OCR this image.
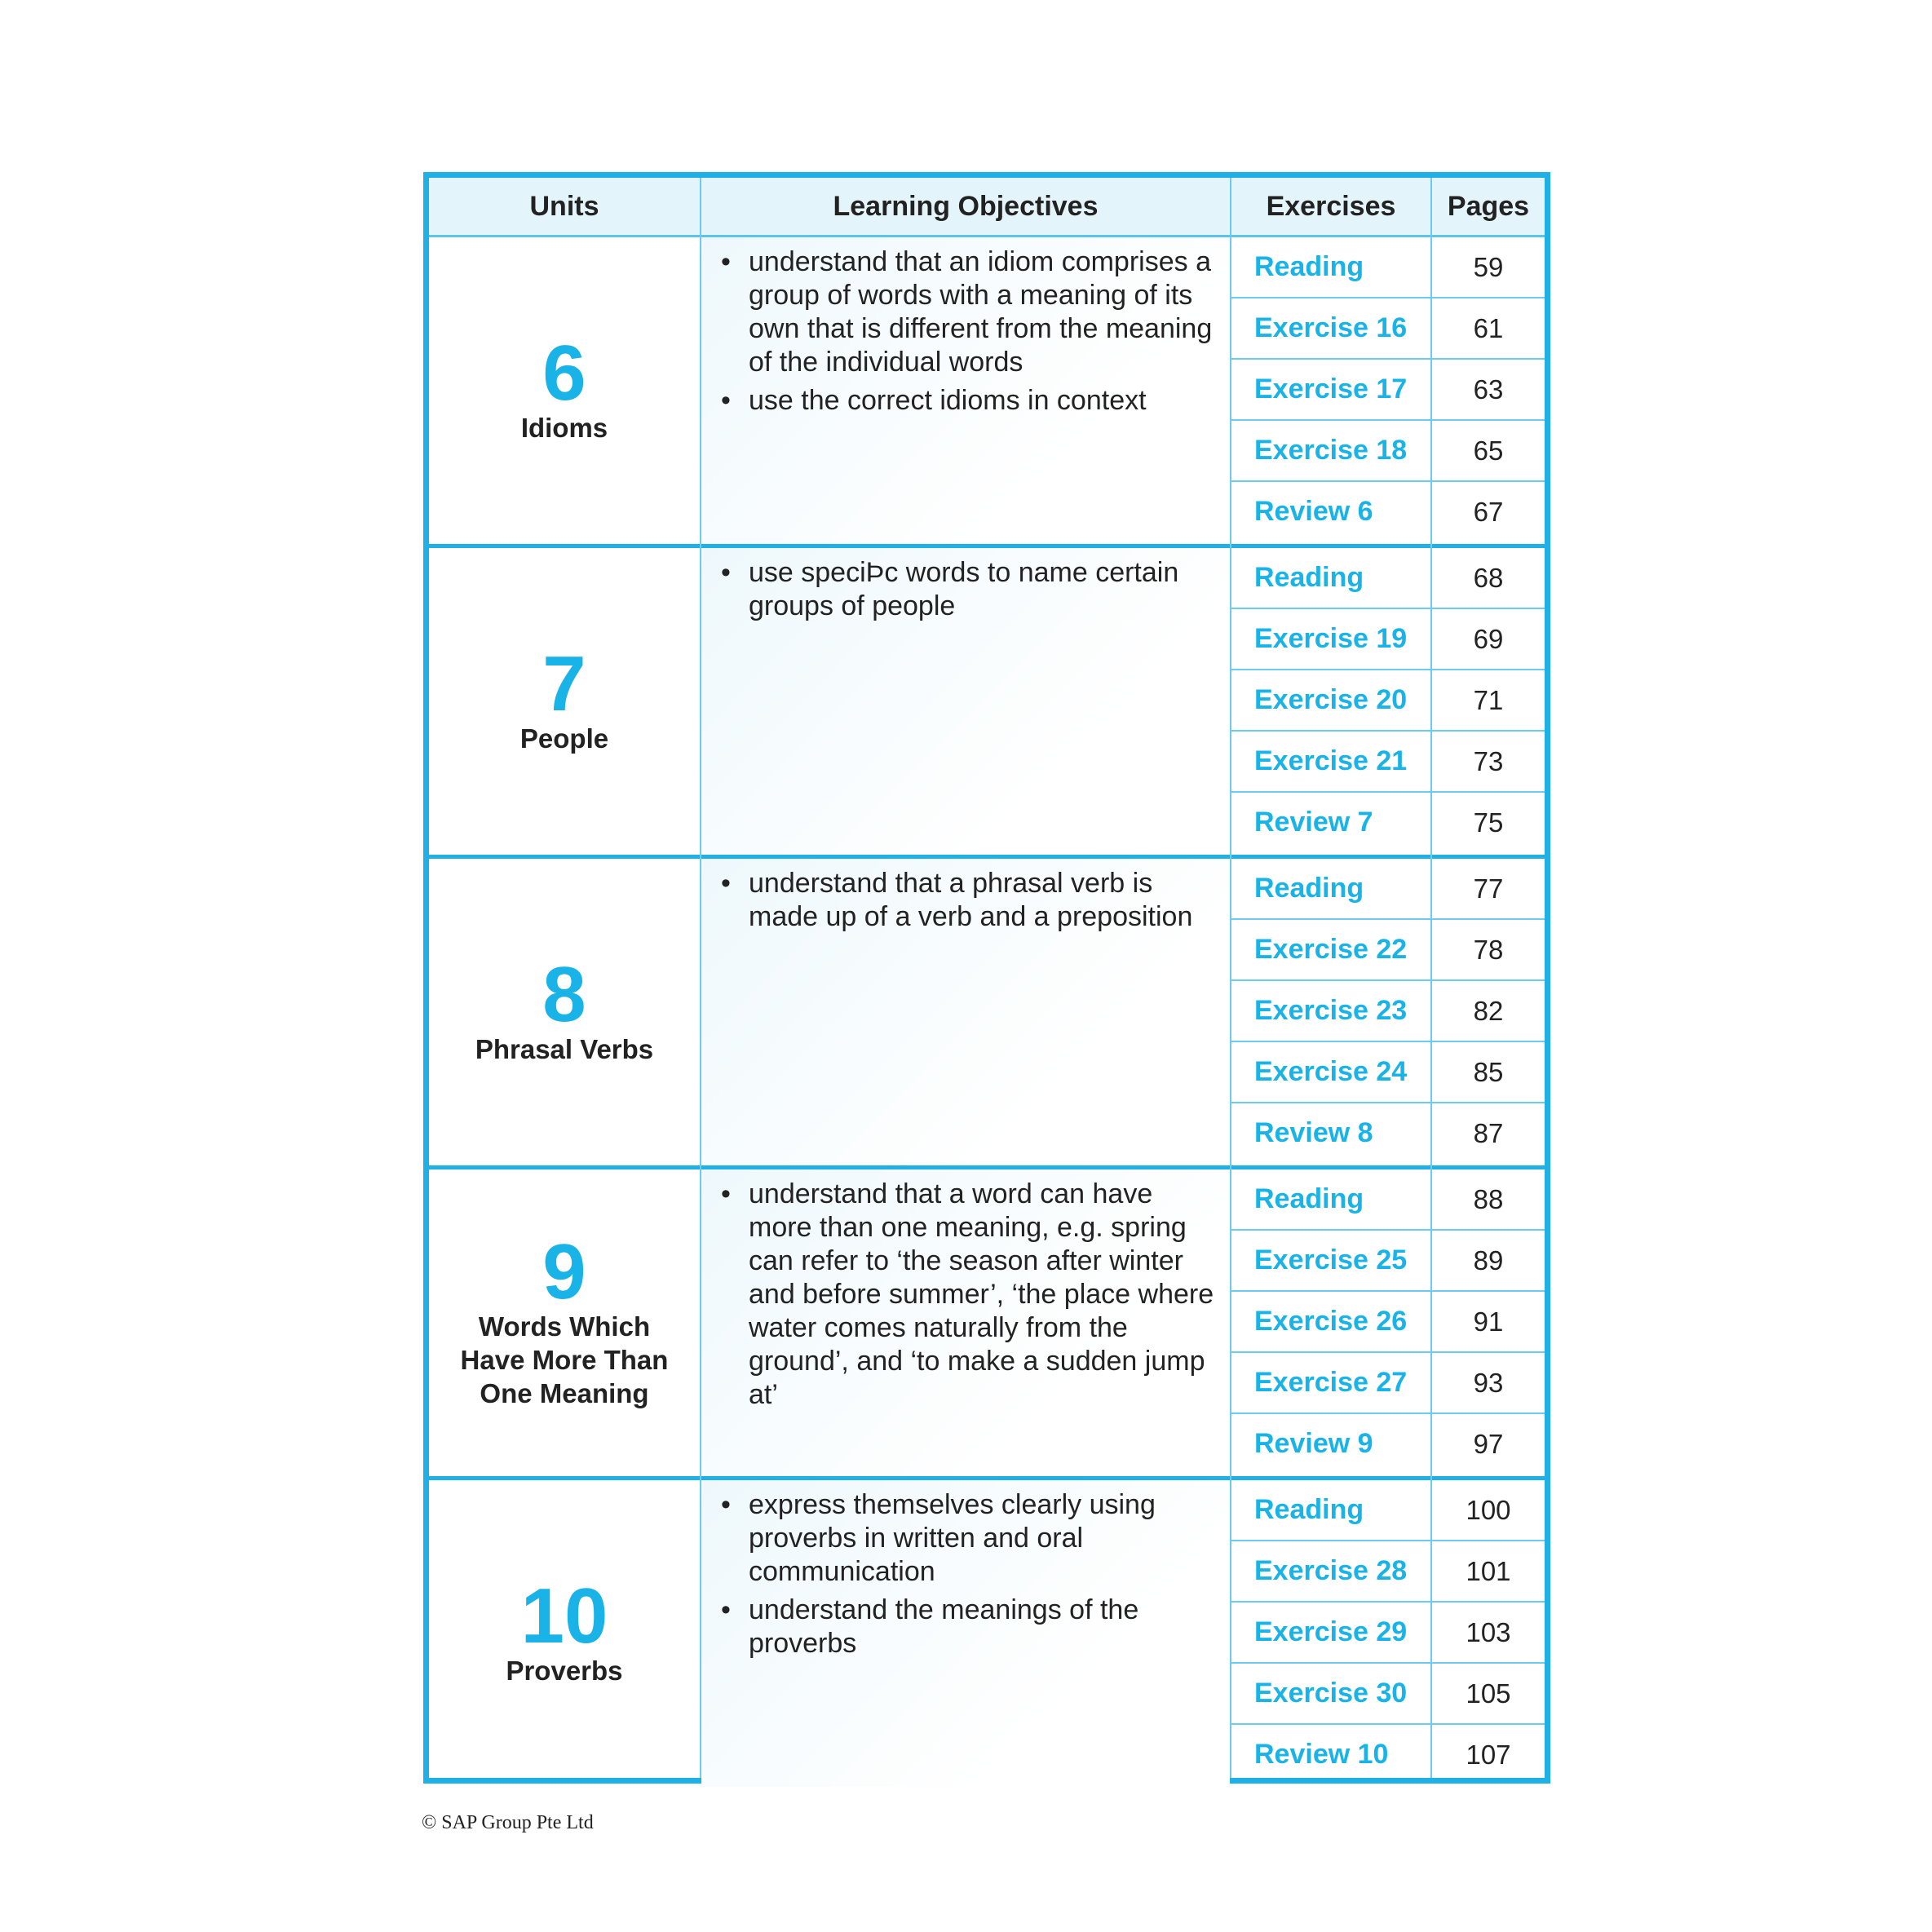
Units	Learning Objectives	Exercises	Pages
6
Idioms
• understand that an idiom comprises a group of words with a meaning of its own that is different from the meaning of the individual words
• use the correct idioms in context
Reading	59
Exercise 16	61
Exercise 17	63
Exercise 18	65
Review 6	67
7
People
• use speciÞc words to name certain groups of people
Reading	68
Exercise 19	69
Exercise 20	71
Exercise 21	73
Review 7	75
8
Phrasal Verbs
• understand that a phrasal verb is made up of a verb and a preposition
Reading	77
Exercise 22	78
Exercise 23	82
Exercise 24	85
Review 8	87
9
Words Which Have More Than One Meaning
• understand that a word can have more than one meaning, e.g. spring can refer to ‘the season after winter and before summer’, ‘the place where water comes naturally from the ground’, and ‘to make a sudden jump at’
Reading	88
Exercise 25	89
Exercise 26	91
Exercise 27	93
Review 9	97
10
Proverbs
• express themselves clearly using proverbs in written and oral communication
• understand the meanings of the proverbs
Reading	100
Exercise 28	101
Exercise 29	103
Exercise 30	105
Review 10	107
© SAP Group Pte Ltd
